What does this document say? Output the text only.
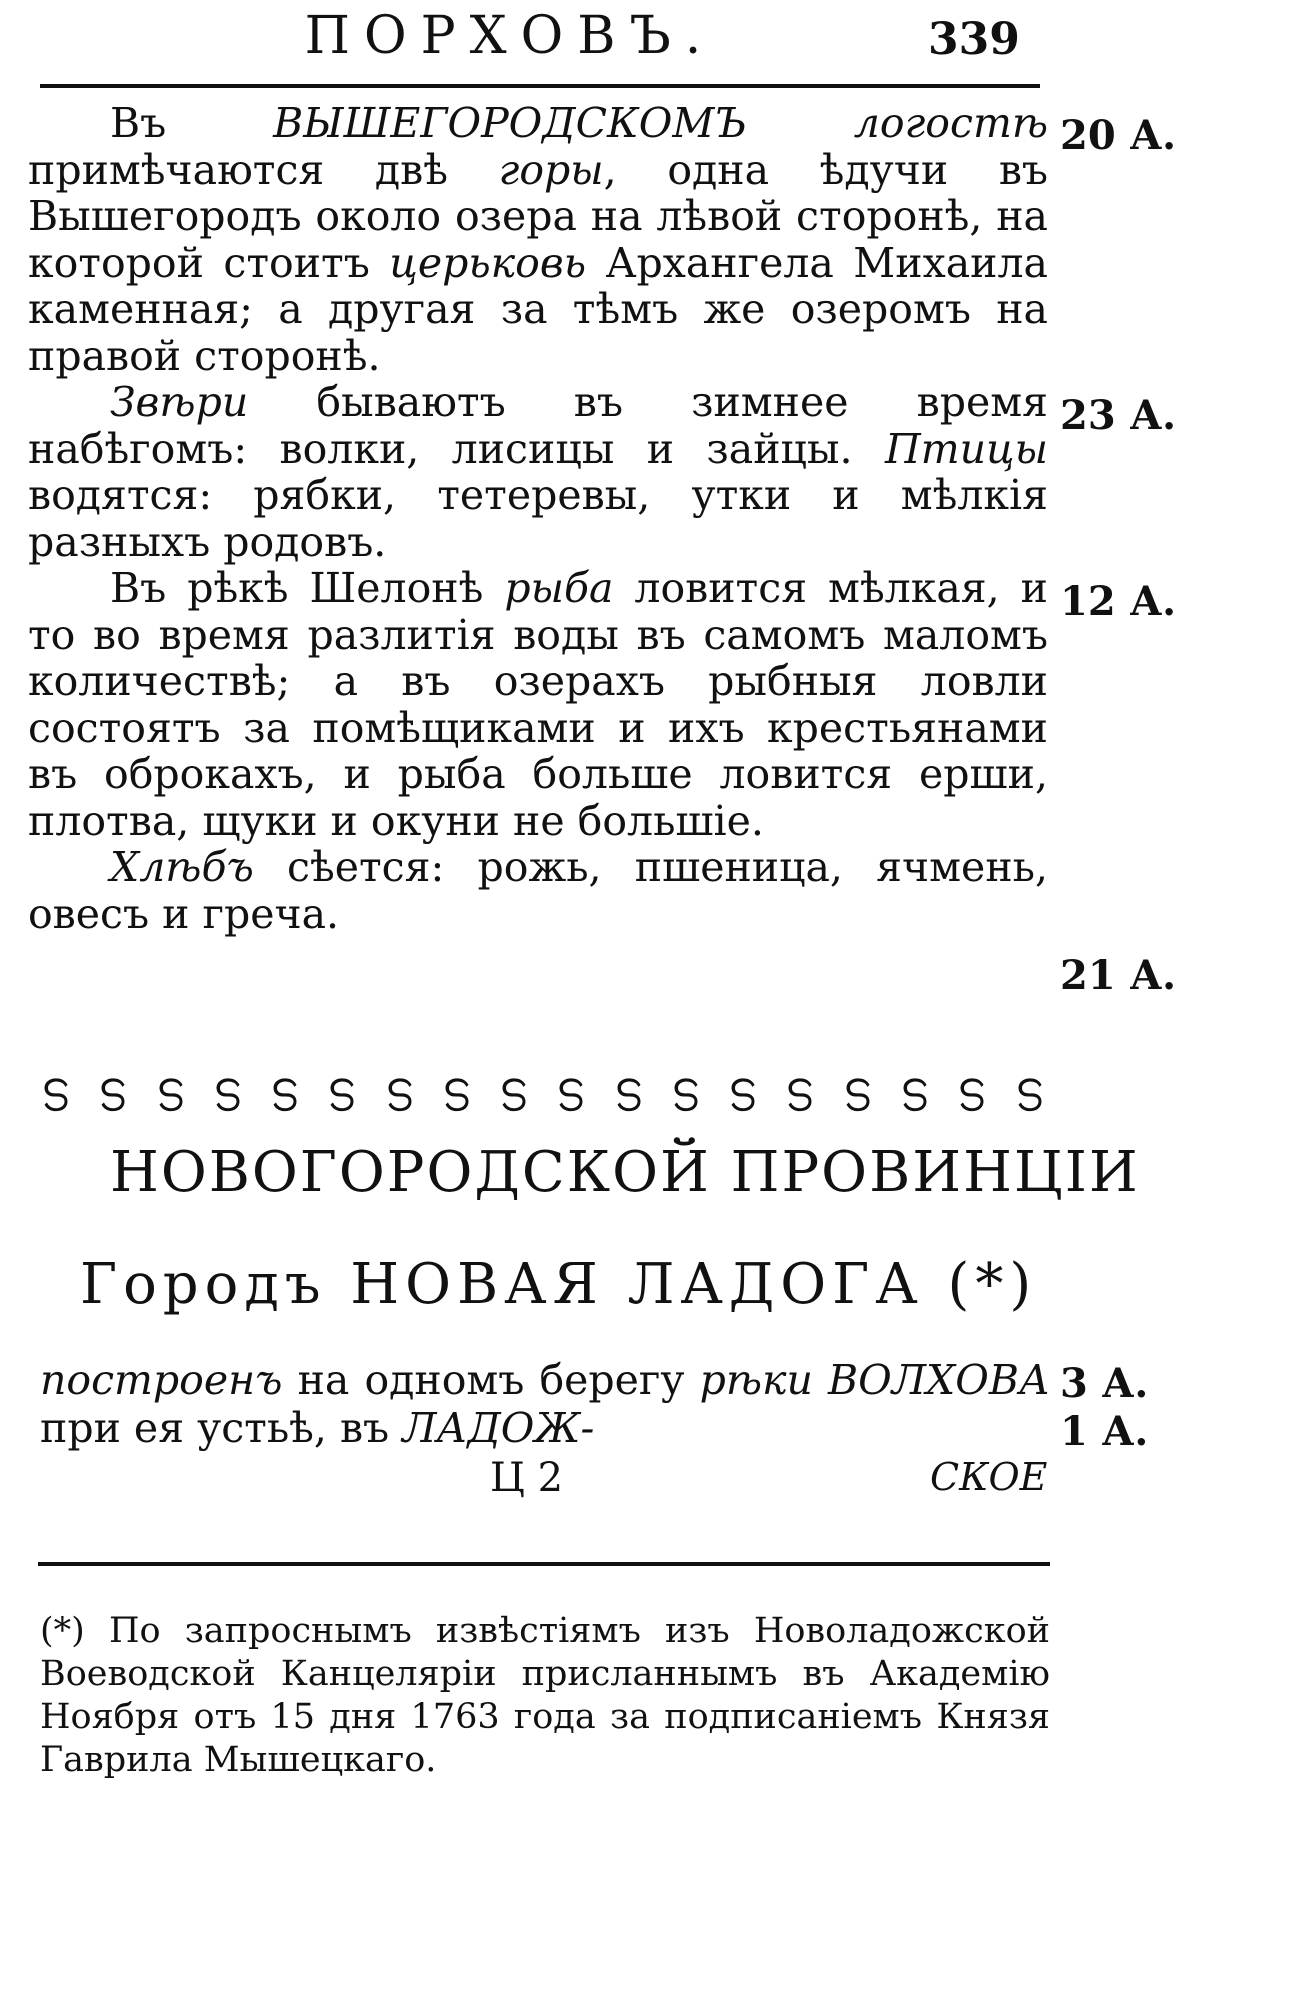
ПОРХОВЪ.	339

Въ ВЫШЕГОРОДСКОМЪ логостѣ примѣчаются двѣ горы, одна ѣдучи въ Вышегородъ около озера на лѣвой сторонѣ, на которой стоитъ церьковь Архангела Михаила каменная; а другая за тѣмъ же озеромъ на правой сторонѣ.

Звѣри бываютъ въ зимнее время набѣгомъ: волки, лисицы и зайцы. Птицы водятся: рябки, тетеревы, утки и мѣлкія разныхъ родовъ.

Въ рѣкѣ Шелонѣ рыба ловится мѣлкая, и то во время разлитія воды въ самомъ маломъ количествѣ; а въ озерахъ рыбныя ловли состоятъ за помѣщиками и ихъ крестьянами въ оброкахъ, и рыба больше ловится ерши, плотва, щуки и окуни не большіе.

Хлѣбъ сѣется: рожь, пшеница, ячмень, овесъ и греча.

20 А.
23 А.
12 А.
21 А.
3 А.
1 А.
ഗ ഗ ഗ ഗ ഗ ഗ ഗ ഗ ഗ ഗ ഗ ഗ ഗ ഗ ഗ ഗ ഗ ഗ
НОВОГОРОДСКОЙ ПРОВИНЦІИ
Городъ НОВАЯ ЛАДОГА (*)
построенъ на одномъ берегу рѣки ВОЛХОВА при ея устьѣ, въ ЛАДОЖ-
Ц 2	СКОЕ
(*) По запроснымъ извѣстіямъ изъ Новоладожской Воеводской Канцеляріи присланнымъ въ Академію Ноября отъ 15 дня 1763 года за подписаніемъ Князя Гаврила Мышецкаго.
